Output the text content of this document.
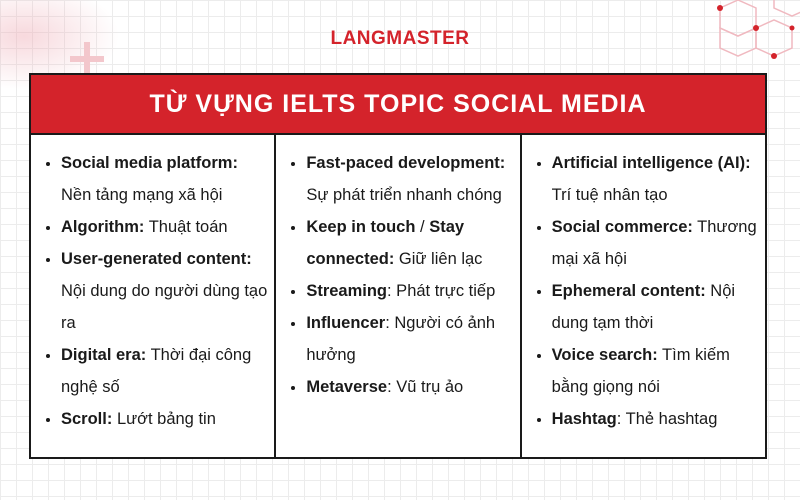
LANGMASTER
TỪ VỰNG IELTS TOPIC SOCIAL MEDIA
• Social media platform: Nền tảng mạng xã hội
• Algorithm: Thuật toán
• User-generated content: Nội dung do người dùng tạo ra
• Digital era: Thời đại công nghệ số
• Scroll: Lướt bảng tin
• Fast-paced development: Sự phát triển nhanh chóng
• Keep in touch / Stay connected: Giữ liên lạc
• Streaming: Phát trực tiếp
• Influencer: Người có ảnh hưởng
• Metaverse: Vũ trụ ảo
• Artificial intelligence (AI): Trí tuệ nhân tạo
• Social commerce: Thương mại xã hội
• Ephemeral content: Nội dung tạm thời
• Voice search: Tìm kiếm bằng giọng nói
• Hashtag: Thẻ hashtag
